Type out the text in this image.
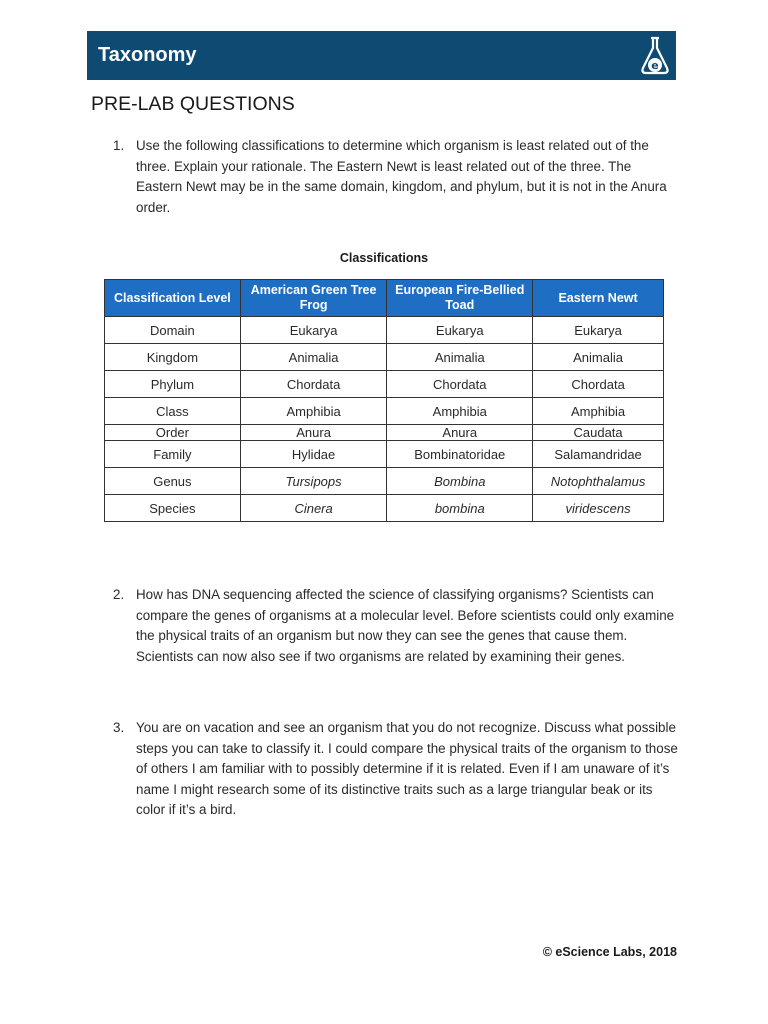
Taxonomy	e
PRE-LAB QUESTIONS
1. Use the following classifications to determine which organism is least related out of the three. Explain your rationale. The Eastern Newt is least related out of the three. The Eastern Newt may be in the same domain, kingdom, and phylum, but it is not in the Anura order.
Classifications
Classification Level	American Green Tree Frog	European Fire-Bellied Toad	Eastern Newt
Domain	Eukarya	Eukarya	Eukarya
Kingdom	Animalia	Animalia	Animalia
Phylum	Chordata	Chordata	Chordata
Class	Amphibia	Amphibia	Amphibia
Order	Anura	Anura	Caudata
Family	Hylidae	Bombinatoridae	Salamandridae
Genus	Tursipops	Bombina	Notophthalamus
Species	Cinera	bombina	viridescens
2. How has DNA sequencing affected the science of classifying organisms? Scientists can compare the genes of organisms at a molecular level. Before scientists could only examine the physical traits of an organism but now they can see the genes that cause them. Scientists can now also see if two organisms are related by examining their genes.
3. You are on vacation and see an organism that you do not recognize. Discuss what possible steps you can take to classify it. I could compare the physical traits of the organism to those of others I am familiar with to possibly determine if it is related. Even if I am unaware of it’s name I might research some of its distinctive traits such as a large triangular beak or its color if it’s a bird.
© eScience Labs, 2018
